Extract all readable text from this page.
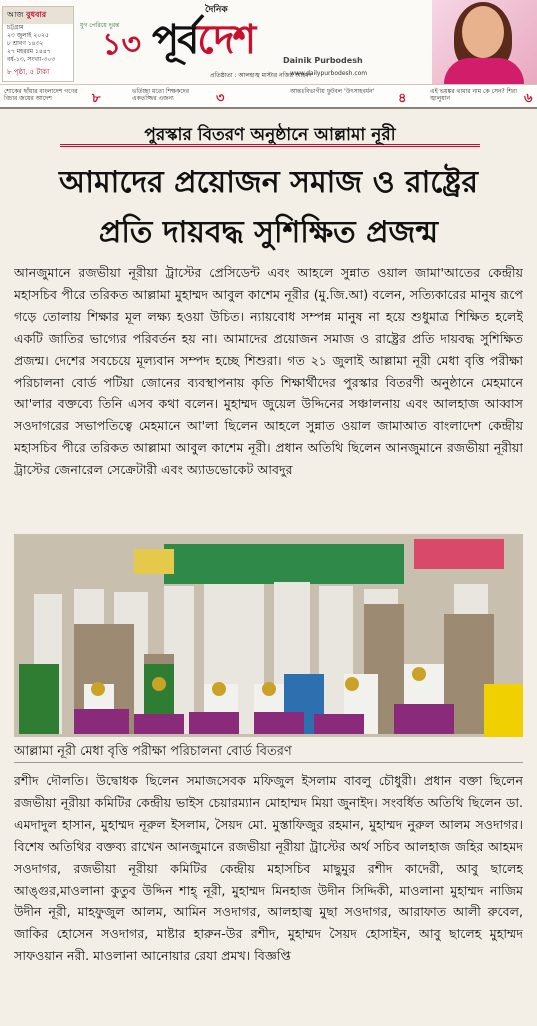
আজ বুধবার
চট্টগ্রাম
২৩ জুলাই ২০২৫
৮ শ্রাবণ ১৪৩২
২৭ মহররম ১৪৪৭
বর্ষ-১৩, সংখ্যা-৩০৩
৮ পৃষ্ঠা, ৫ টাকা
যুগ পেরিয়ে দুরন্ত
১৩
দৈনিক
পূর্বদেশ	Dainik Purbodesh
প্রতিষ্ঠাতা : আলহাজ্ব মাস্টার নজির আহমদ
www.dailypurbodesh.com
শোকের ছাঁয়ার বাংলাদেশ গণের বিচার জয়ের আদেশ	৮	ভর্তিচ্ছা মতো শিক্ষকদের একতজ্জির এজন্য	৩	আন্তঃবিভাগীয় ফুটবল 'উৎসাহবর্ধন'	৪	এই ভয়ঙ্কর থামার নাম কে সেন? শিরা জ্বালুয়ান	৬
পুরস্কার বিতরণ অনুষ্ঠানে আল্লামা নূরী
আমাদের প্রয়োজন সমাজ ও রাষ্ট্রের
প্রতি দায়বদ্ধ সুশিক্ষিত প্রজন্ম
আনজুমানে রজভীয়া নূরীয়া ট্রাস্টের প্রেসিডেন্ট এবং আহলে সুন্নাত ওয়াল জামা'আতের কেন্দ্রীয় মহাসচিব পীরে তরিকত আল্লামা মুহাম্মদ আবুল কাশেম নূরীর (মু.জি.আ) বলেন, সত্যিকারের মানুষ রূপে গড়ে তোলায় শিক্ষার মূল লক্ষ্য হওয়া উচিত। ন্যায়বোধ সম্পন্ন মানুষ না হয়ে শুধুমাত্র শিক্ষিত হলেই একটি জাতির ভাগ্যের পরিবর্তন হয় না। আমাদের প্রয়োজন সমাজ ও রাষ্ট্রের প্রতি দায়বদ্ধ সুশিক্ষিত প্রজন্ম। দেশের সবচেয়ে মূল্যবান সম্পদ হচ্ছে শিশুরা। গত ২১ জুলাই আল্লামা নূরী মেধা বৃত্তি পরীক্ষা পরিচালনা বোর্ড পটিয়া জোনের ব্যবস্থাপনায় কৃতি শিক্ষার্থীদের পুরস্কার বিতরণী অনুষ্ঠানে মেহমানে আ'লার বক্তব্যে তিনি এসব কথা বলেন। মুহাম্মদ জুয়েল উদ্দিনের সঞ্চালনায় এবং আলহাজ আব্বাস সওদাগরের সভাপতিত্বে মেহমানে আ'লা ছিলেন আহলে সুন্নাত ওয়াল জামাআত বাংলাদেশ কেন্দ্রীয় মহাসচিব পীরে তরিকত আল্লামা আবুল কাশেম নূরী। প্রধান অতিথি ছিলেন আনজুমানে রজভীয়া নূরীয়া ট্রাস্টের জেনারেল সেক্রেটারী এবং অ্যাডভোকেট আবদুর
আল্লামা নূরী মেধা বৃত্তি পরীক্ষা পরিচালনা বোর্ড বিতরণ
রশীদ দৌলতি। উদ্বোধক ছিলেন সমাজসেবক মফিজুল ইসলাম বাবলু চৌধুরী। প্রধান বক্তা ছিলেন রজভীয়া নূরীয়া কমিটির কেন্দ্রীয় ভাইস চেয়ারম্যান মোহাম্মদ মিয়া জুনাইদ। সংবর্ধিত অতিথি ছিলেন ডা. এমদাদুল হাসান, মুহাম্মদ নূরুল ইসলাম, সৈয়দ মো. মুস্তাফিজুর রহমান, মুহাম্মদ নুরুল আলম সওদাগর। বিশেষ অতিথির বক্তব্য রাখেন আনজুমানে রজভীয়া নূরীয়া ট্রাস্টের অর্থ সচিব আলহাজ জহির আহমদ সওদাগর, রজভীয়া নূরীয়া কমিটির কেন্দ্রীয় মহাসচিব মাছুমুর রশীদ কাদেরী, আবু ছালেহ আঙ্গুর,মাওলানা কুতুব উদ্দিন শাহ্ নূরী, মুহাম্মদ মিনহাজ উদীন সিদ্দিকী, মাওলানা মুহাম্মদ নাজিম উদীন নূরী, মাহফুজুল আলম, আমিন সওদাগর, আলহাজ্ব মুছা সওদাগর, আরাফাত আলী রুবেল, জাকির হোসেন সওদাগর, মাষ্টার হারুন-উর রশীদ, মুহাম্মদ সৈয়দ হোসাইন, আবু ছালেহ মুহাম্মদ সাফওয়ান নরী. মাওলানা আনোয়ার রেযা প্রমখ। বিজ্ঞপ্তি
